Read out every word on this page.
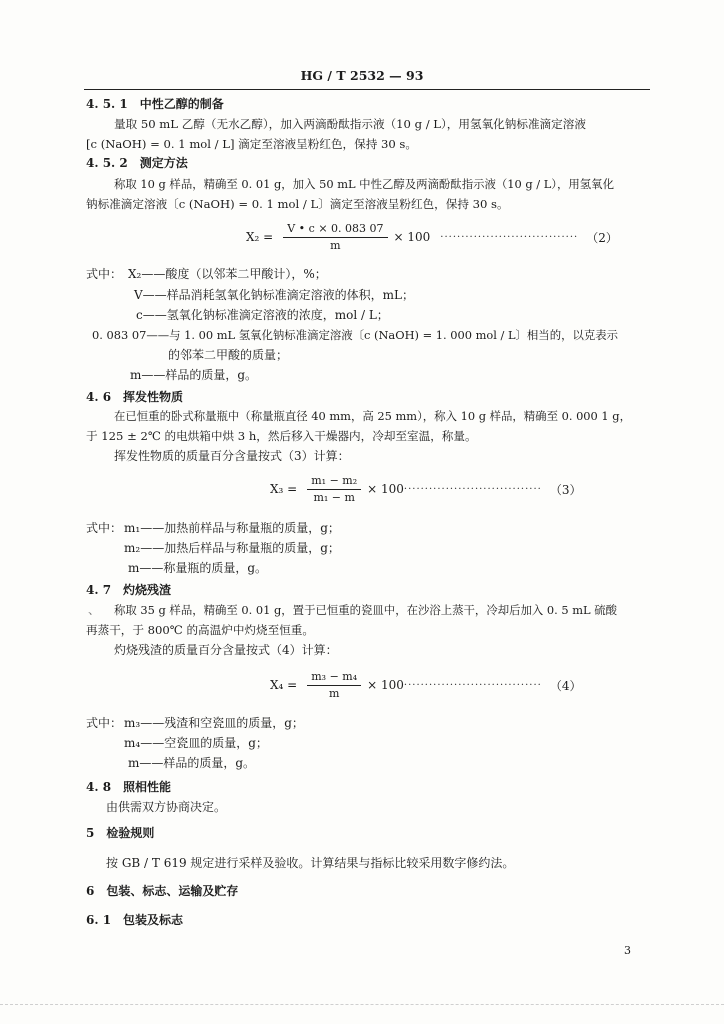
HG / T 2532 — 93
4. 5. 1　中性乙醇的制备
量取 50 mL 乙醇（无水乙醇），加入两滴酚酞指示液（10 g / L），用氢氧化钠标准滴定溶液
[c (NaOH) = 0. 1 mol / L] 滴定至溶液呈粉红色，保持 30 s。
4. 5. 2　测定方法
称取 10 g 样品，精确至 0. 01 g，加入 50 mL 中性乙醇及两滴酚酞指示液（10 g / L），用氢氧化
钠标准滴定溶液〔c (NaOH) = 0. 1 mol / L〕滴定至溶液呈粉红色，保持 30 s。
$X_2 = \frac{V • c \times 0. 083 07}{m} \times 100$ ································· （2）
式中： X₂——酸度（以邻苯二甲酸计），%；
V——样品消耗氢氧化钠标准滴定溶液的体积，mL；
c——氢氧化钠标准滴定溶液的浓度，mol / L；
0. 083 07——与 1. 00 mL 氢氧化钠标准滴定溶液〔c (NaOH) = 1. 000 mol / L〕相当的，以克表示
的邻苯二甲酸的质量；
m——样品的质量，g。
4. 6　挥发性物质
在已恒重的卧式称量瓶中（称量瓶直径 40 mm，高 25 mm），称入 10 g 样品，精确至 0. 000 1 g，
于 125 ± 2℃ 的电烘箱中烘 3 h，然后移入干燥器内，冷却至室温，称量。
挥发性物质的质量百分含量按式（3）计算：
$X_3 = \frac{\text{m₁ − m₂}}{\text{m₁ − m}} \times 100$ ································· （3）
式中： m₁——加热前样品与称量瓶的质量，g；
m₂——加热后样品与称量瓶的质量，g；
m——称量瓶的质量，g。
4. 7　灼烧残渣
、 称取 35 g 样品，精确至 0. 01 g，置于已恒重的瓷皿中，在沙浴上蒸干，冷却后加入 0. 5 mL 硫酸
再蒸干，于 800℃ 的高温炉中灼烧至恒重。
灼烧残渣的质量百分含量按式（4）计算：
$X_4 = \frac{\text{m₃ − m₄}}{m} \times 100$ ································· （4）
式中： m₃——残渣和空瓷皿的质量，g；
m₄——空瓷皿的质量，g；
m——样品的质量，g。
4. 8　照相性能
由供需双方协商决定。
5　检验规则
按 GB / T 619 规定进行采样及验收。计算结果与指标比较采用数字修约法。
6　包装、标志、运输及贮存
6. 1　包装及标志
3
